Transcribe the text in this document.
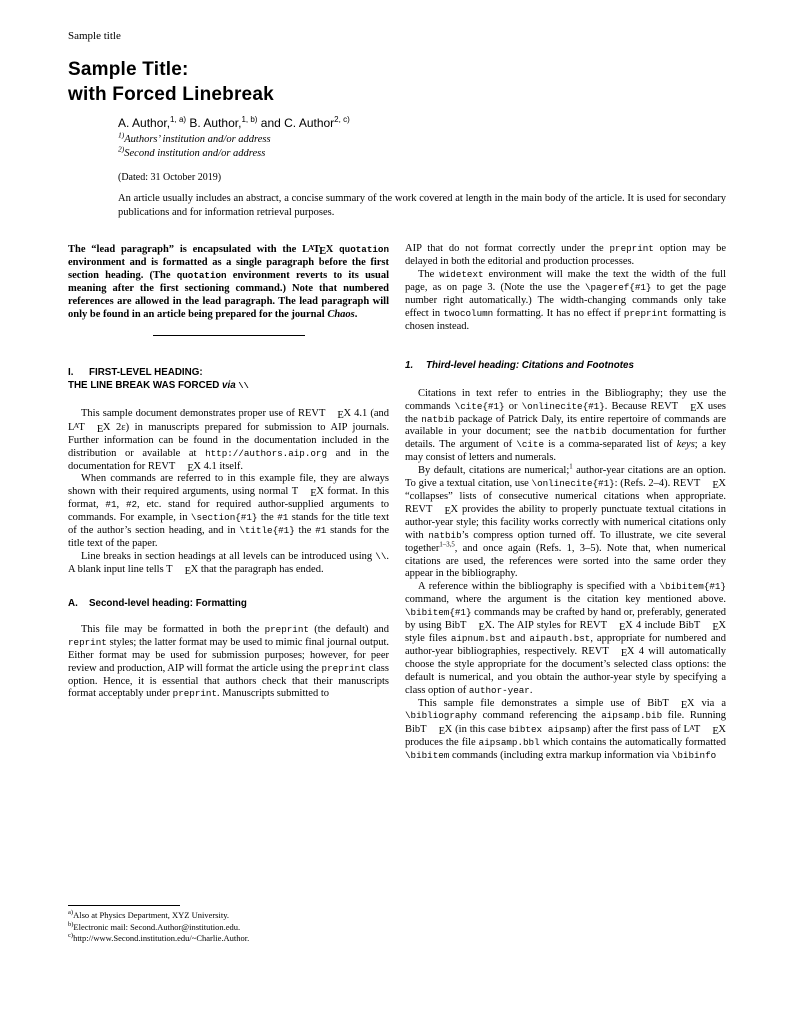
Sample title
Sample Title:
with Forced Linebreak
A. Author,$^{1, a)}$ B. Author,$^{1, b)}$ and C. Author$^{2, c)}$
$^{1)}$Authors’ institution and/or address
$^{2)}$Second institution and/or address
(Dated: 31 October 2019)
An article usually includes an abstract, a concise summary of the work covered at length in the main body of the article. It is used for secondary publications and for information retrieval purposes.

The “lead paragraph” is encapsulated with the $L^ATEX$ quotation environment and is formatted as a single paragraph before the first section heading. (The quotation environment reverts to its usual meaning after the first sectioning command.) Note that numbered references are allowed in the lead paragraph. The lead paragraph will only be found in an article being prepared for the journal Chaos.

I. FIRST-LEVEL HEADING:
THE LINE BREAK WAS FORCED via \\

This sample document demonstrates proper use of REVT EX 4.1 (and $L^AT$ EX 2ε) in manuscripts prepared for submission to AIP journals. Further information can be found in the documentation included in the distribution or available at http://authors.aip.org and in the documentation for REVT EX 4.1 itself.

When commands are referred to in this example file, they are always shown with their required arguments, using normal T EX format. In this format, #1, #2, etc. stand for required author-supplied arguments to commands. For example, in \section{#1} the #1 stands for the title text of the author’s section heading, and in \title{#1} the #1 stands for the title text of the paper.

Line breaks in section headings at all levels can be introduced using \\. A blank input line tells T EX that the paragraph has ended.

A. Second-level heading: Formatting

This file may be formatted in both the preprint (the default) and reprint styles; the latter format may be used to mimic final journal output. Either format may be used for submission purposes; however, for peer review and production, AIP will format the article using the preprint class option. Hence, it is essential that authors check that their manuscripts format acceptably under preprint. Manuscripts submitted to

$^{a)}$Also at Physics Department, XYZ University.
$^{b)}$Electronic mail: Second.Author@institution.edu.
$^{c)}$http://www.Second.institution.edu/~Charlie.Author.

AIP that do not format correctly under the preprint option may be delayed in both the editorial and production processes.

The widetext environment will make the text the width of the full page, as on page 3. (Note the use the \pageref{#1} to get the page number right automatically.) The width-changing commands only take effect in twocolumn formatting. It has no effect if preprint formatting is chosen instead.

1. Third-level heading: Citations and Footnotes

Citations in text refer to entries in the Bibliography; they use the commands \cite{#1} or \onlinecite{#1}. Because REVT EX uses the natbib package of Patrick Daly, its entire repertoire of commands are available in your document; see the natbib documentation for further details. The argument of \cite is a comma-separated list of keys; a key may consist of letters and numerals.

By default, citations are numerical;$^1$ author-year citations are an option. To give a textual citation, use \onlinecite{#1}: (Refs. 2–4). REVT EX “collapses” lists of consecutive numerical citations when appropriate. REVT EX provides the ability to properly punctuate textual citations in author-year style; this facility works correctly with numerical citations only with natbib’s compress option turned off. To illustrate, we cite several together$^{1-3,5}$, and once again (Refs. 1, 3–5). Note that, when numerical citations are used, the references were sorted into the same order they appear in the bibliography.

A reference within the bibliography is specified with a \bibitem{#1} command, where the argument is the citation key mentioned above. \bibitem{#1} commands may be crafted by hand or, preferably, generated by using BibT EX. The AIP styles for REVT EX 4 include BibT EX style files aipnum.bst and aipauth.bst, appropriate for numbered and author-year bibliographies, respectively. REVT EX 4 will automatically choose the style appropriate for the document’s selected class options: the default is numerical, and you obtain the author-year style by specifying a class option of author-year.

This sample file demonstrates a simple use of BibT EX via a \bibliography command referencing the aipsamp.bib file. Running BibT EX (in this case bibtex aipsamp) after the first pass of $L^AT$ EX produces the file aipsamp.bbl which contains the automatically formatted \bibitem commands (including extra markup information via \bibinfo
